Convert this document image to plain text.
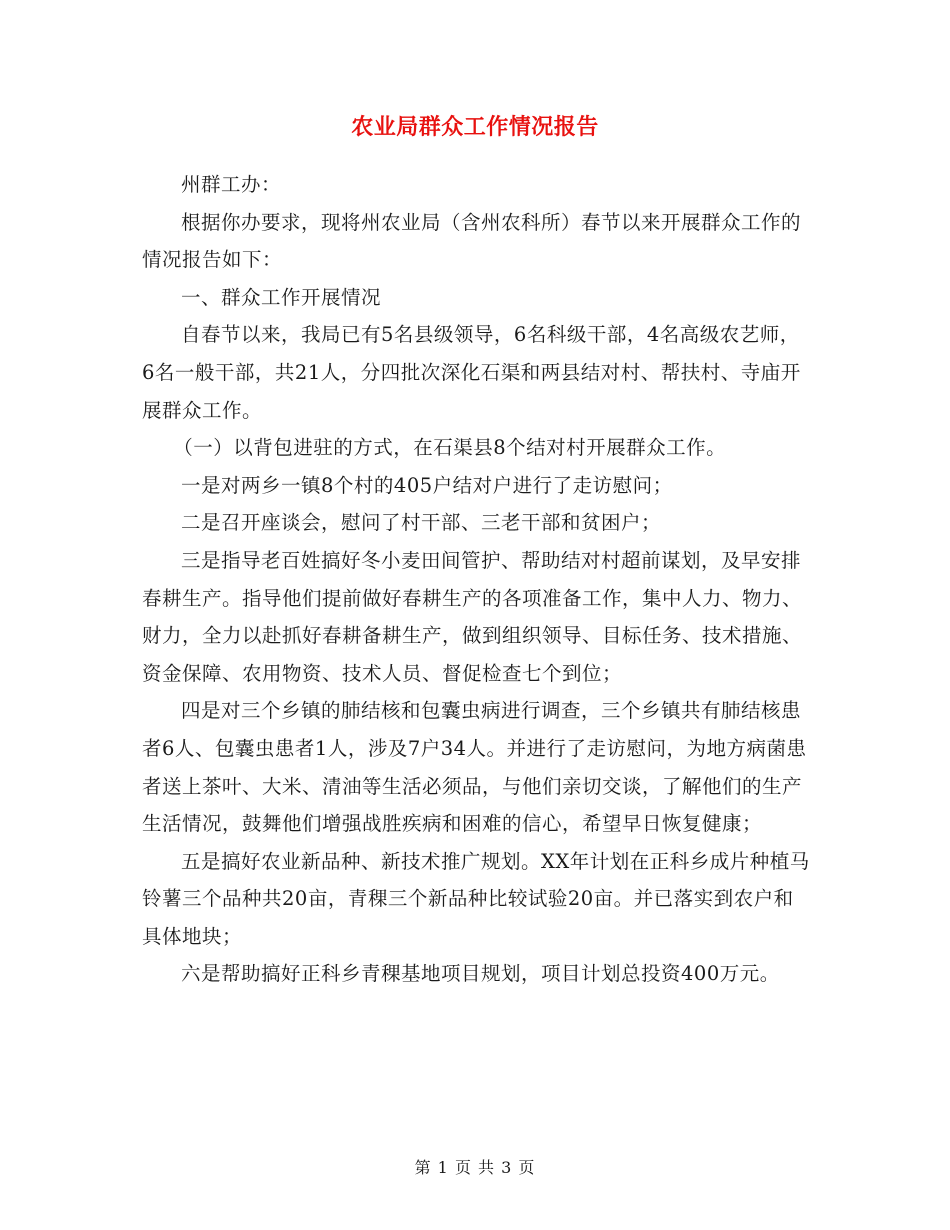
农业局群众工作情况报告

州群工办：

根据你办要求，现将州农业局（含州农科所）春节以来开展群众工作的情况报告如下：

一、群众工作开展情况

自春节以来，我局已有5名县级领导，6名科级干部，4名高级农艺师，6名一般干部，共21人，分四批次深化石渠和两县结对村、帮扶村、寺庙开展群众工作。

（一）以背包进驻的方式，在石渠县8个结对村开展群众工作。

一是对两乡一镇8个村的405户结对户进行了走访慰问；

二是召开座谈会，慰问了村干部、三老干部和贫困户；

三是指导老百姓搞好冬小麦田间管护、帮助结对村超前谋划，及早安排春耕生产。指导他们提前做好春耕生产的各项准备工作，集中人力、物力、财力，全力以赴抓好春耕备耕生产，做到组织领导、目标任务、技术措施、资金保障、农用物资、技术人员、督促检查七个到位；

四是对三个乡镇的肺结核和包囊虫病进行调查，三个乡镇共有肺结核患者6人、包囊虫患者1人，涉及7户34人。并进行了走访慰问，为地方病菌患者送上茶叶、大米、清油等生活必须品，与他们亲切交谈，了解他们的生产生活情况，鼓舞他们增强战胜疾病和困难的信心，希望早日恢复健康；

五是搞好农业新品种、新技术推广规划。XX年计划在正科乡成片种植马铃薯三个品种共20亩，青稞三个新品种比较试验20亩。并已落实到农户和具体地块；

六是帮助搞好正科乡青稞基地项目规划，项目计划总投资400万元。

第 1 页 共 3 页
